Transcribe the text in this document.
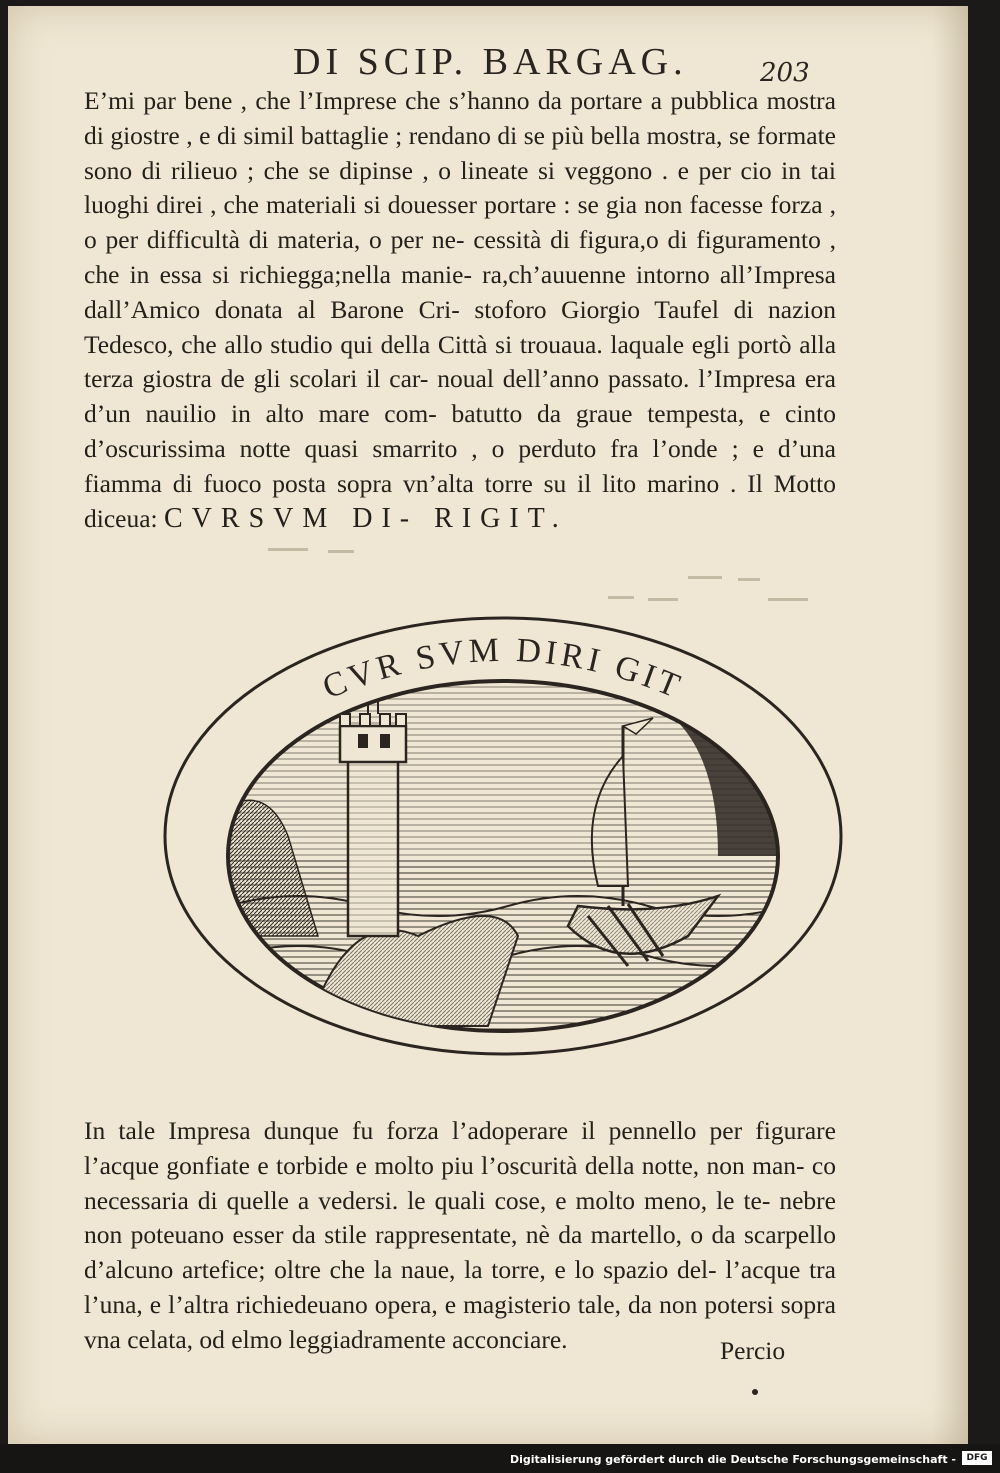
DI SCIP. BARGAG.	203

E’mi par bene , che l’Imprese che s’hanno da portare a pubblica mostra di giostre , e di simil battaglie ; rendano di se più bella mostra, se formate sono di rilieuo ; che se dipinse , o lineate si veggono . e per cio in tai luoghi direi , che materiali si douesser portare : se gia non facesse forza , o per difficultà di materia, o per ne- cessità di figura,o di figuramento , che in essa si richiegga;nella manie- ra,ch’auuenne intorno all’Impresa dall’Amico donata al Barone Cri- stoforo Giorgio Taufel di nazion Tedesco, che allo studio qui della Città si trouaua. laquale egli portò alla terza giostra de gli scolari il car- noual dell’anno passato. l’Impresa era d’un nauilio in alto mare com- batutto da graue tempesta, e cinto d’oscurissima notte quasi smarrito , o perduto fra l’onde ; e d’una fiamma di fuoco posta sopra vn’alta torre su il lito marino . Il Motto diceua: CVRSVM DI- RIGIT.

CVR SVM DIRI GIT

In tale Impresa dunque fu forza l’adoperare il pennello per figurare l’acque gonfiate e torbide e molto piu l’oscurità della notte, non man- co necessaria di quelle a vedersi. le quali cose, e molto meno, le te- nebre non poteuano esser da stile rappresentate, nè da martello, o da scarpello d’alcuno artefice; oltre che la naue, la torre, e lo spazio del- l’acque tra l’una, e l’altra richiedeuano opera, e magisterio tale, da non potersi sopra vna celata, od elmo leggiadramente acconciare.	Percio
Digitalisierung gefördert durch die Deutsche Forschungsgemeinschaft -	DFG
